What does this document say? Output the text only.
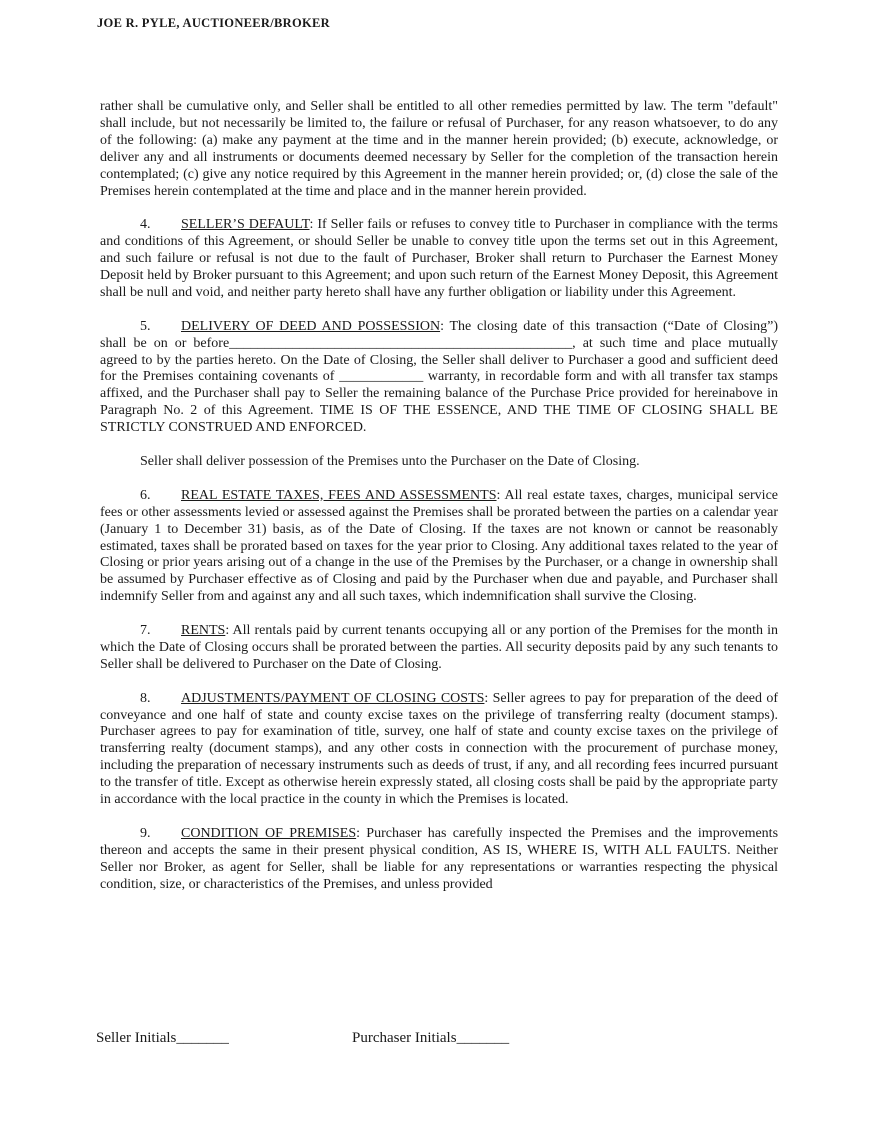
JOE R. PYLE, AUCTIONEER/BROKER

rather shall be cumulative only, and Seller shall be entitled to all other remedies permitted by law. The term "default" shall include, but not necessarily be limited to, the failure or refusal of Purchaser, for any reason whatsoever, to do any of the following: (a) make any payment at the time and in the manner herein provided; (b) execute, acknowledge, or deliver any and all instruments or documents deemed necessary by Seller for the completion of the transaction herein contemplated; (c) give any notice required by this Agreement in the manner herein provided; or, (d) close the sale of the Premises herein contemplated at the time and place and in the manner herein provided.

4. SELLER’S DEFAULT: If Seller fails or refuses to convey title to Purchaser in compliance with the terms and conditions of this Agreement, or should Seller be unable to convey title upon the terms set out in this Agreement, and such failure or refusal is not due to the fault of Purchaser, Broker shall return to Purchaser the Earnest Money Deposit held by Broker pursuant to this Agreement; and upon such return of the Earnest Money Deposit, this Agreement shall be null and void, and neither party hereto shall have any further obligation or liability under this Agreement.

5. DELIVERY OF DEED AND POSSESSION: The closing date of this transaction (“Date of Closing”) shall be on or before_________________________________________________, at such time and place mutually agreed to by the parties hereto. On the Date of Closing, the Seller shall deliver to Purchaser a good and sufficient deed for the Premises containing covenants of ____________ warranty, in recordable form and with all transfer tax stamps affixed, and the Purchaser shall pay to Seller the remaining balance of the Purchase Price provided for hereinabove in Paragraph No. 2 of this Agreement. TIME IS OF THE ESSENCE, AND THE TIME OF CLOSING SHALL BE STRICTLY CONSTRUED AND ENFORCED.

Seller shall deliver possession of the Premises unto the Purchaser on the Date of Closing.

6. REAL ESTATE TAXES, FEES AND ASSESSMENTS: All real estate taxes, charges, municipal service fees or other assessments levied or assessed against the Premises shall be prorated between the parties on a calendar year (January 1 to December 31) basis, as of the Date of Closing. If the taxes are not known or cannot be reasonably estimated, taxes shall be prorated based on taxes for the year prior to Closing. Any additional taxes related to the year of Closing or prior years arising out of a change in the use of the Premises by the Purchaser, or a change in ownership shall be assumed by Purchaser effective as of Closing and paid by the Purchaser when due and payable, and Purchaser shall indemnify Seller from and against any and all such taxes, which indemnification shall survive the Closing.

7. RENTS: All rentals paid by current tenants occupying all or any portion of the Premises for the month in which the Date of Closing occurs shall be prorated between the parties. All security deposits paid by any such tenants to Seller shall be delivered to Purchaser on the Date of Closing.

8. ADJUSTMENTS/PAYMENT OF CLOSING COSTS: Seller agrees to pay for preparation of the deed of conveyance and one half of state and county excise taxes on the privilege of transferring realty (document stamps). Purchaser agrees to pay for examination of title, survey, one half of state and county excise taxes on the privilege of transferring realty (document stamps), and any other costs in connection with the procurement of purchase money, including the preparation of necessary instruments such as deeds of trust, if any, and all recording fees incurred pursuant to the transfer of title. Except as otherwise herein expressly stated, all closing costs shall be paid by the appropriate party in accordance with the local practice in the county in which the Premises is located.

9. CONDITION OF PREMISES: Purchaser has carefully inspected the Premises and the improvements thereon and accepts the same in their present physical condition, AS IS, WHERE IS, WITH ALL FAULTS. Neither Seller nor Broker, as agent for Seller, shall be liable for any representations or warranties respecting the physical condition, size, or characteristics of the Premises, and unless provided

Seller Initials_______	Purchaser Initials_______
